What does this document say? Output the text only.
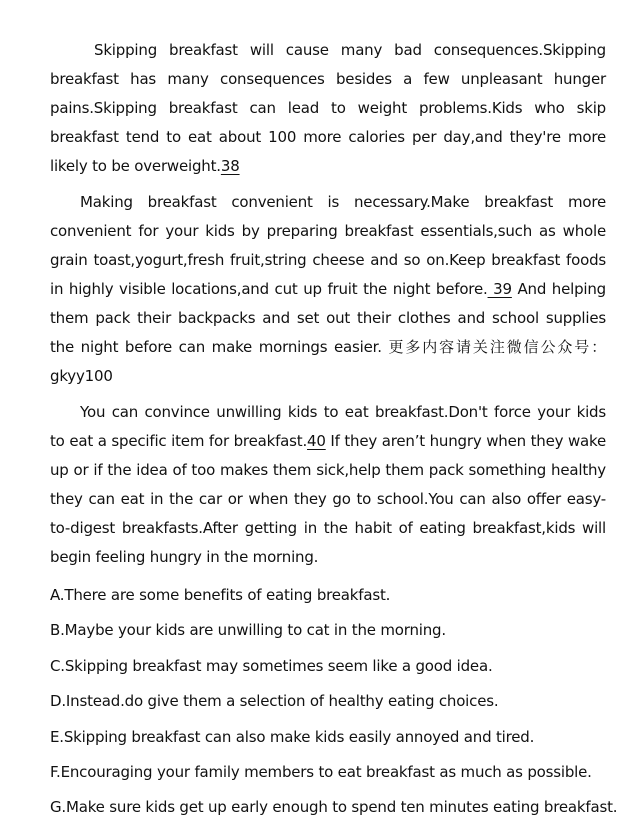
Skipping breakfast will cause many bad consequences.Skipping breakfast has many consequences besides a few unpleasant hunger pains.Skipping breakfast can lead to weight problems.Kids who skip breakfast tend to eat about 100 more calories per day,and they're more likely to be overweight.38

Making breakfast convenient is necessary.Make breakfast more convenient for your kids by preparing breakfast essentials,such as whole grain toast,yogurt,fresh fruit,string cheese and so on.Keep breakfast foods in highly visible locations,and cut up fruit the night before. 39 And helping them pack their backpacks and set out their clothes and school supplies the night before can make mornings easier. 更多内容请关注微信公众号：gkyy100

You can convince unwilling kids to eat breakfast.Don't force your kids to eat a specific item for breakfast.40 If they aren’t hungry when they wake up or if the idea of too makes them sick,help them pack something healthy they can eat in the car or when they go to school.You can also offer easy-to-digest breakfasts.After getting in the habit of eating breakfast,kids will begin feeling hungry in the morning.

A.There are some benefits of eating breakfast.
B.Maybe your kids are unwilling to cat in the morning.
C.Skipping breakfast may sometimes seem like a good idea.
D.Instead.do give them a selection of healthy eating choices.
E.Skipping breakfast can also make kids easily annoyed and tired.
F.Encouraging your family members to eat breakfast as much as possible.
G.Make sure kids get up early enough to spend ten minutes eating breakfast.
